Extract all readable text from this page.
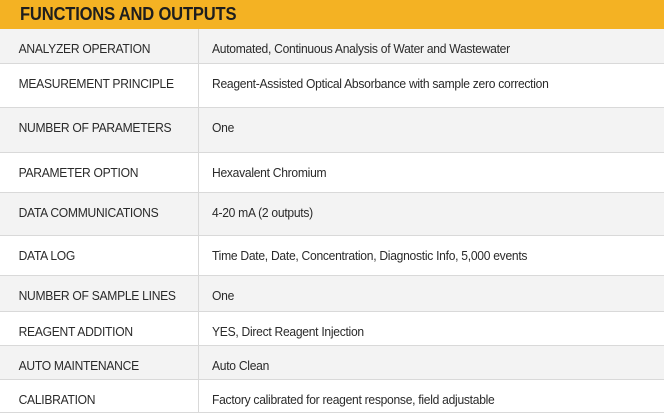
FUNCTIONS AND OUTPUTS
ANALYZER OPERATION	Automated, Continuous Analysis of Water and Wastewater
MEASUREMENT PRINCIPLE	Reagent-Assisted Optical Absorbance with sample zero correction
NUMBER OF PARAMETERS	One
PARAMETER OPTION	Hexavalent Chromium
DATA COMMUNICATIONS	4-20 mA (2 outputs)
DATA LOG	Time Date, Date, Concentration, Diagnostic Info, 5,000 events
NUMBER OF SAMPLE LINES	One
REAGENT ADDITION	YES, Direct Reagent Injection
AUTO MAINTENANCE	Auto Clean
CALIBRATION	Factory calibrated for reagent response, field adjustable
